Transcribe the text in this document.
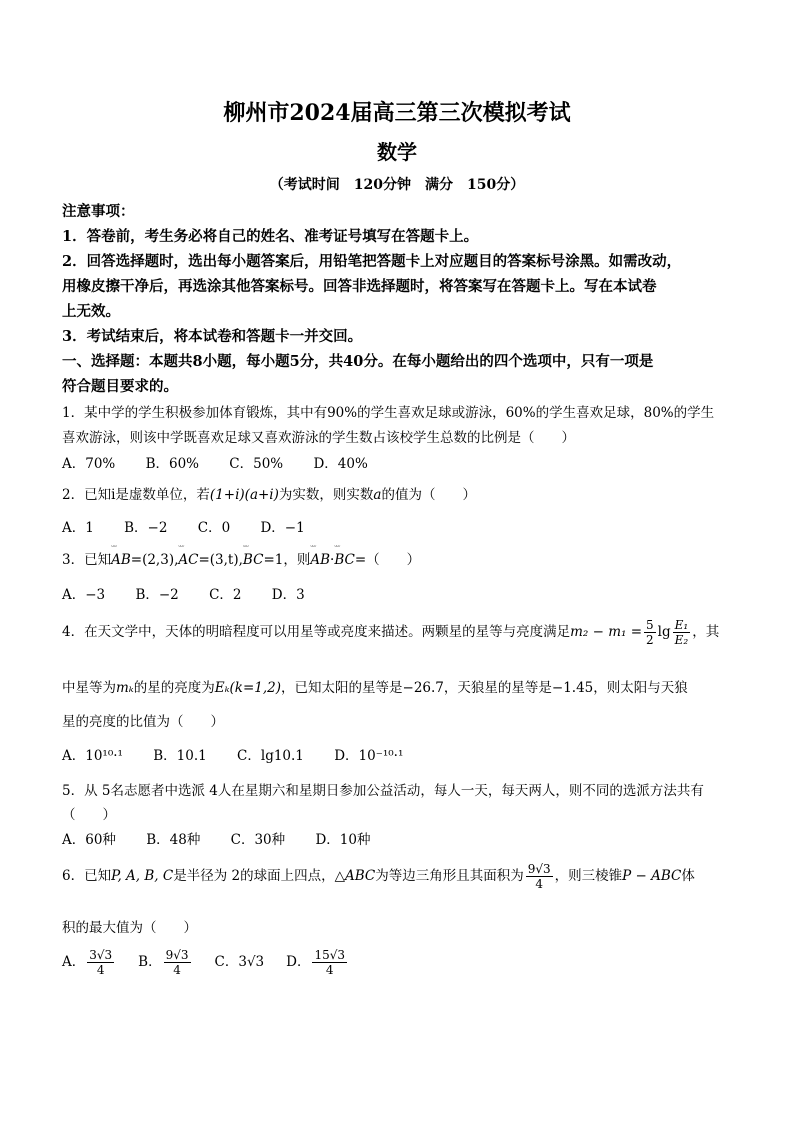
柳州市2024届高三第三次模拟考试
数学
（考试时间　120分钟　满分　150分）
注意事项：
1．答卷前，考生务必将自己的姓名、准考证号填写在答题卡上。
2．回答选择题时，选出每小题答案后，用铅笔把答题卡上对应题目的答案标号涂黑。如需改动，
用橡皮擦干净后，再选涂其他答案标号。回答非选择题时，将答案写在答题卡上。写在本试卷
上无效。
3．考试结束后，将本试卷和答题卡一并交回。
一、选择题：本题共8小题，每小题5分，共40分。在每小题给出的四个选项中，只有一项是
符合题目要求的。
1．某中学的学生积极参加体育锻炼，其中有90%的学生喜欢足球或游泳，60%的学生喜欢足球，80%的学生
喜欢游泳，则该中学既喜欢足球又喜欢游泳的学生数占该校学生总数的比例是（　　）
A．70% B．60% C．50% D．40%
2．已知i是虚数单位，若(1+i)(a+i)为实数，则实数a的值为（　　）
A．1 B．−2 C．0 D．−1
3．已知ᵕᵕᵕ AB=(2,3),ᵕᵕᵕ AC=(3,t),ᵕᵕᵕ BC=1，则ᵕᵕᵕ AB·ᵕᵕᵕ BC=（　　）
A．−3 B．−2 C．2 D．3
4．在天文学中，天体的明暗程度可以用星等或亮度来描述。两颗星的星等与亮度满足$m_2 - m_1 = \frac{5}{2}$ $\lg \frac{\text{E₁}}{\text{E₂}}$ ，其
中星等为mₖ的星的亮度为Eₖ(k=1,2)，已知太阳的星等是−26.7，天狼星的星等是−1.45，则太阳与天狼
星的亮度的比值为（　　）
A．10¹⁰·¹ B．10.1 C．lg10.1 D．10⁻¹⁰·¹
5．从 5名志愿者中选派 4人在星期六和星期日参加公益活动，每人一天，每天两人，则不同的选派方法共有
（　　）
A．60种 B．48种 C．30种 D．10种
6．已知P, A, B, C是半径为 2的球面上四点，△ABC为等边三角形且其面积为 $\frac{9√3}{4}$ ，则三棱锥P − ABC体
积的最大值为（　　）
A． $\frac{3√3}{4}$ B． $\frac{9√3}{4}$ C．3√3 D． $\frac{15√3}{4}$
